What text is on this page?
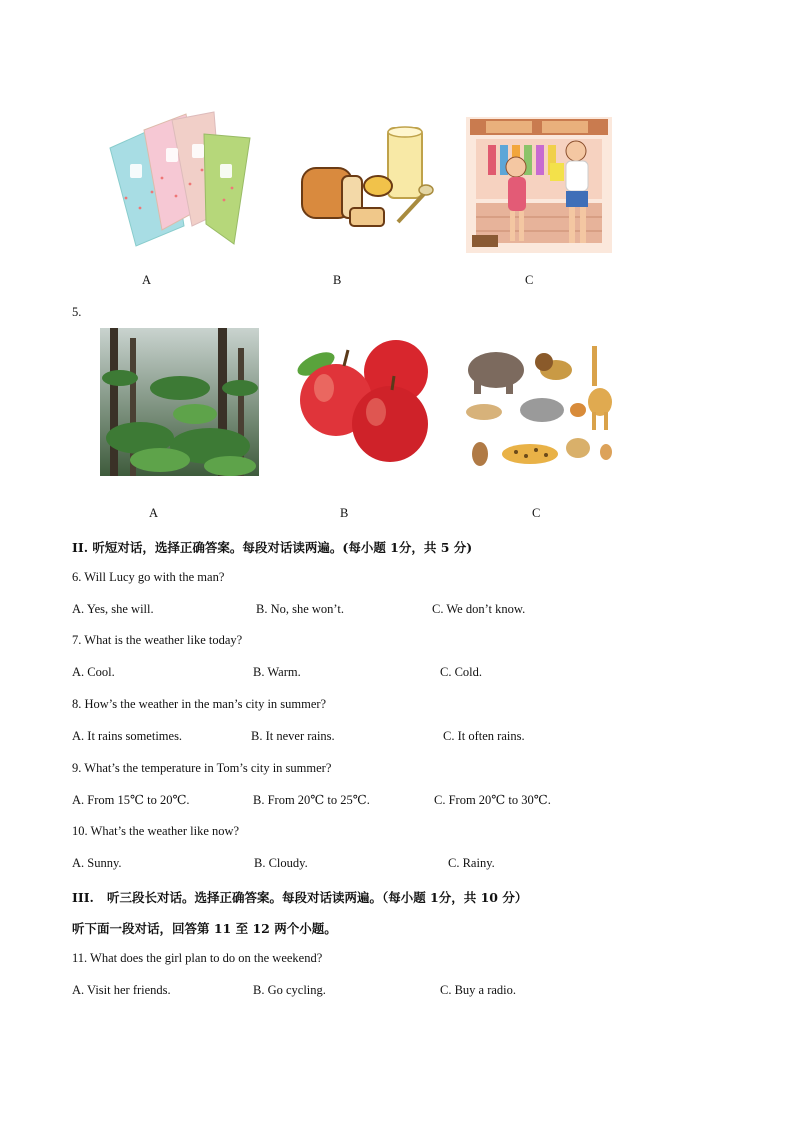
A	B	C
5.
A	B	C
II. 听短对话，选择正确答案。每段对话读两遍。(每小题 1分，共 5 分)
6. Will Lucy go with the man?
A. Yes, she will.	B. No, she won’t.	C. We don’t know.
7. What is the weather like today?
A. Cool.	B. Warm.	C. Cold.
8. How’s the weather in the man’s city in summer?
A. It rains sometimes.	B. It never rains.	C. It often rains.
9. What’s the temperature in Tom’s city in summer?
A. From 15℃ to 20℃.	B. From 20℃ to 25℃.	C. From 20℃ to 30℃.
10. What’s the weather like now?
A. Sunny.	B. Cloudy.	C. Rainy.
III.   听三段长对话。选择正确答案。每段对话读两遍。（每小题 1分，共 10 分）
听下面一段对话，回答第 11 至 12 两个小题。
11. What does the girl plan to do on the weekend?
A. Visit her friends.	B. Go cycling.	C. Buy a radio.
